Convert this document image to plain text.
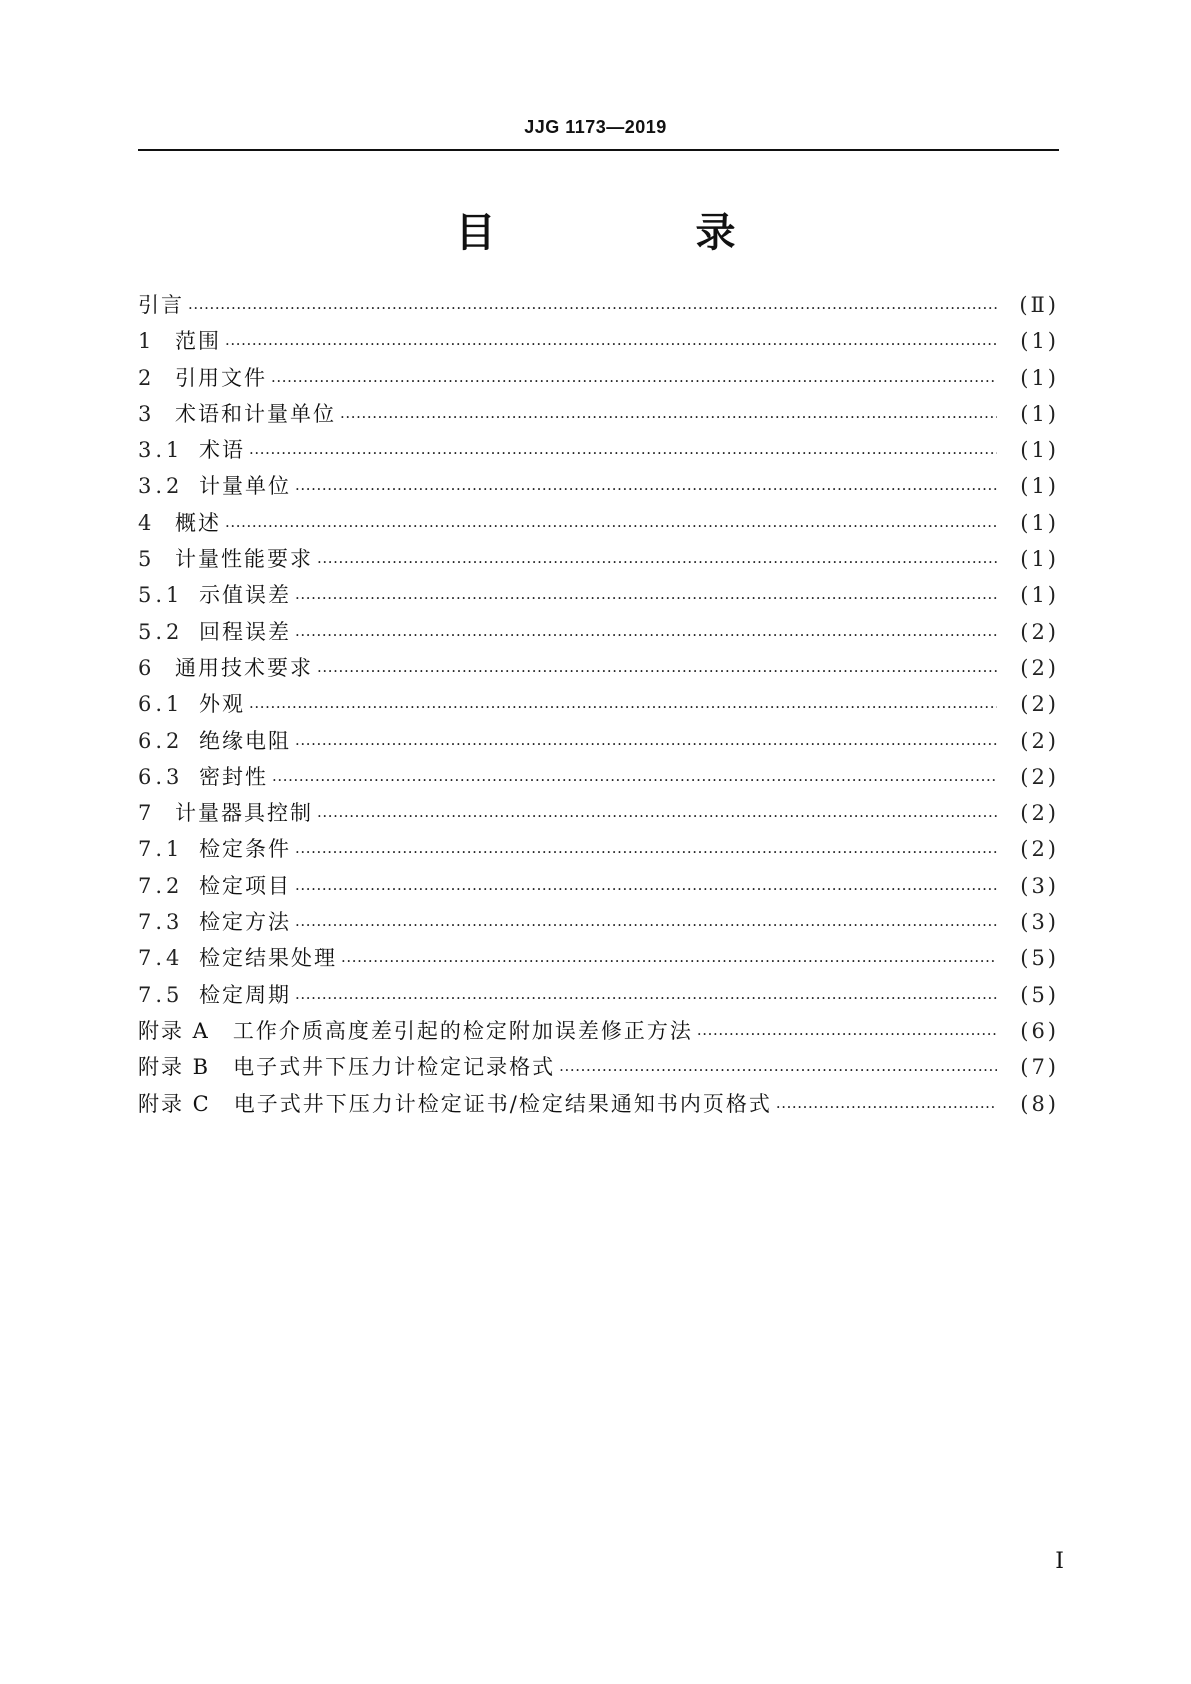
JJG 1173—2019
目　录
引言 ·····	(Ⅱ)
1 范围 ·····	(1)
2 引用文件 ·····	(1)
3 术语和计量单位 ·····	(1)
3.1 术语 ·····	(1)
3.2 计量单位 ·····	(1)
4 概述 ·····	(1)
5 计量性能要求 ·····	(1)
5.1 示值误差 ·····	(1)
5.2 回程误差 ·····	(2)
6 通用技术要求 ·····	(2)
6.1 外观 ·····	(2)
6.2 绝缘电阻 ·····	(2)
6.3 密封性 ·····	(2)
7 计量器具控制 ·····	(2)
7.1 检定条件 ·····	(2)
7.2 检定项目 ·····	(3)
7.3 检定方法 ·····	(3)
7.4 检定结果处理 ·····	(5)
7.5 检定周期 ·····	(5)
附录 A　工作介质高度差引起的检定附加误差修正方法 ·····	(6)
附录 B　电子式井下压力计检定记录格式 ·····	(7)
附录 C　电子式井下压力计检定证书/检定结果通知书内页格式 ·····	(8)
Ⅰ
